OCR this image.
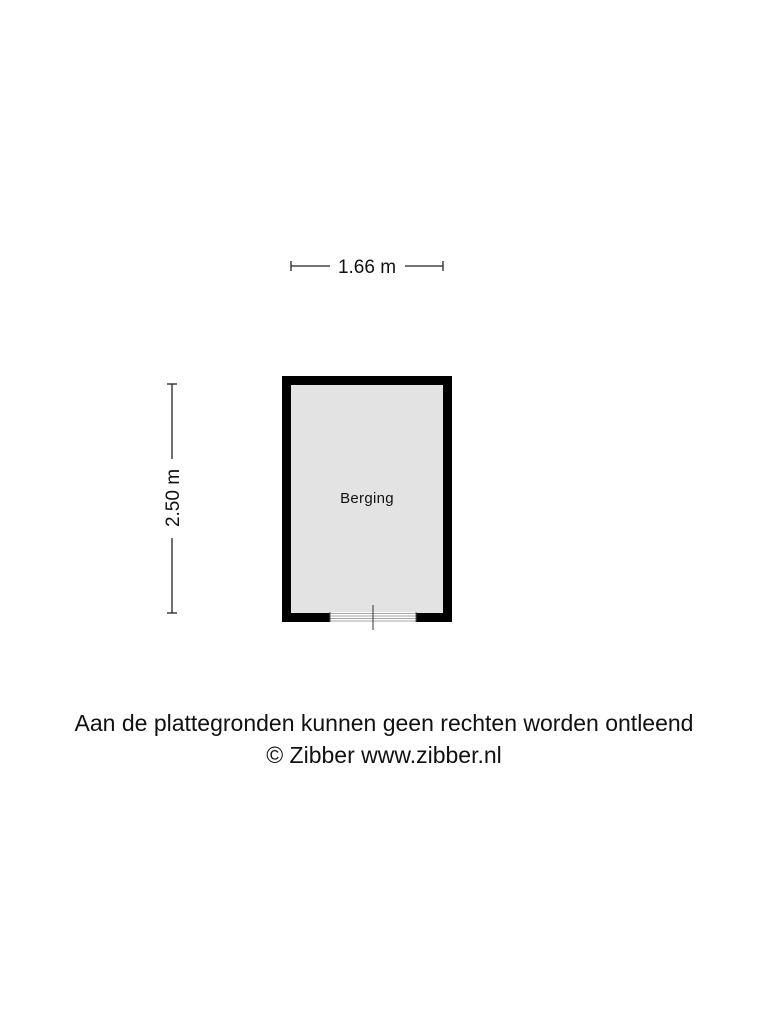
1.66 m
2.50 m	Berging

Aan de plattegronden kunnen geen rechten worden ontleend

© Zibber www.zibber.nl
